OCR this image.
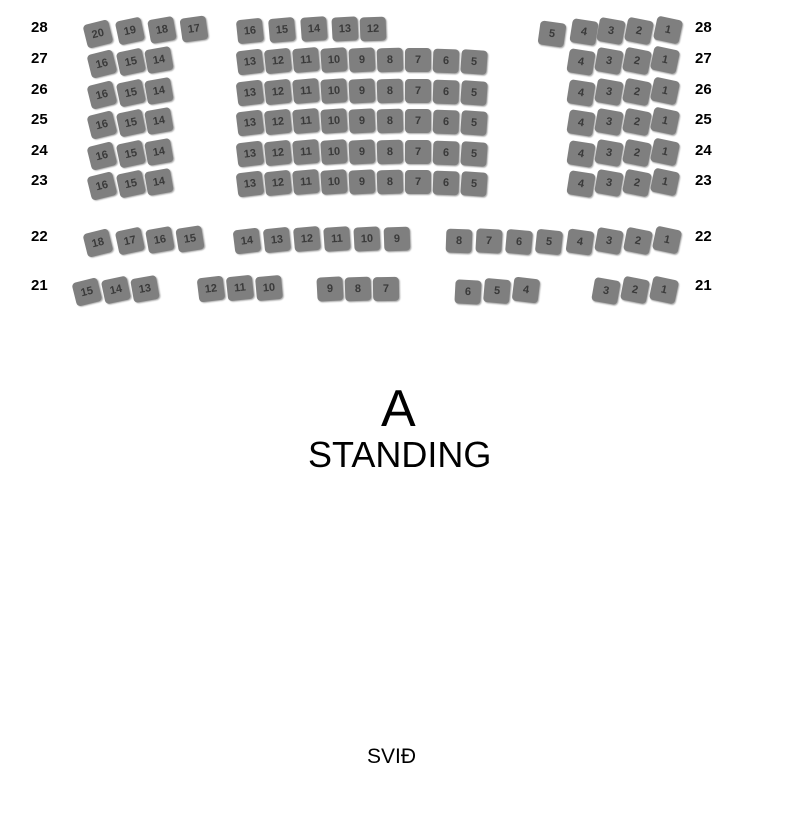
28
27
26
25
24
23
22
21
28
27
26
25
24
23
22
21
20	19	18	17	16	15	14	13	12	5	4	3	2	1
16	15	14	13	12	11	10	9	8	7	6	5	4	3	2	1
16	15	14	13	12	11	10	9	8	7	6	5	4	3	2	1
16	15	14	13	12	11	10	9	8	7	6	5	4	3	2	1
16	15	14	13	12	11	10	9	8	7	6	5	4	3	2	1
16	15	14	13	12	11	10	9	8	7	6	5	4	3	2	1
18	17	16	15	14	13	12	11	10	9	8	7	6	5	4	3	2	1
15	14	13	12	11	10	9	8	7	6	5	4	3	2	1
A
STANDING
SVIÐ
